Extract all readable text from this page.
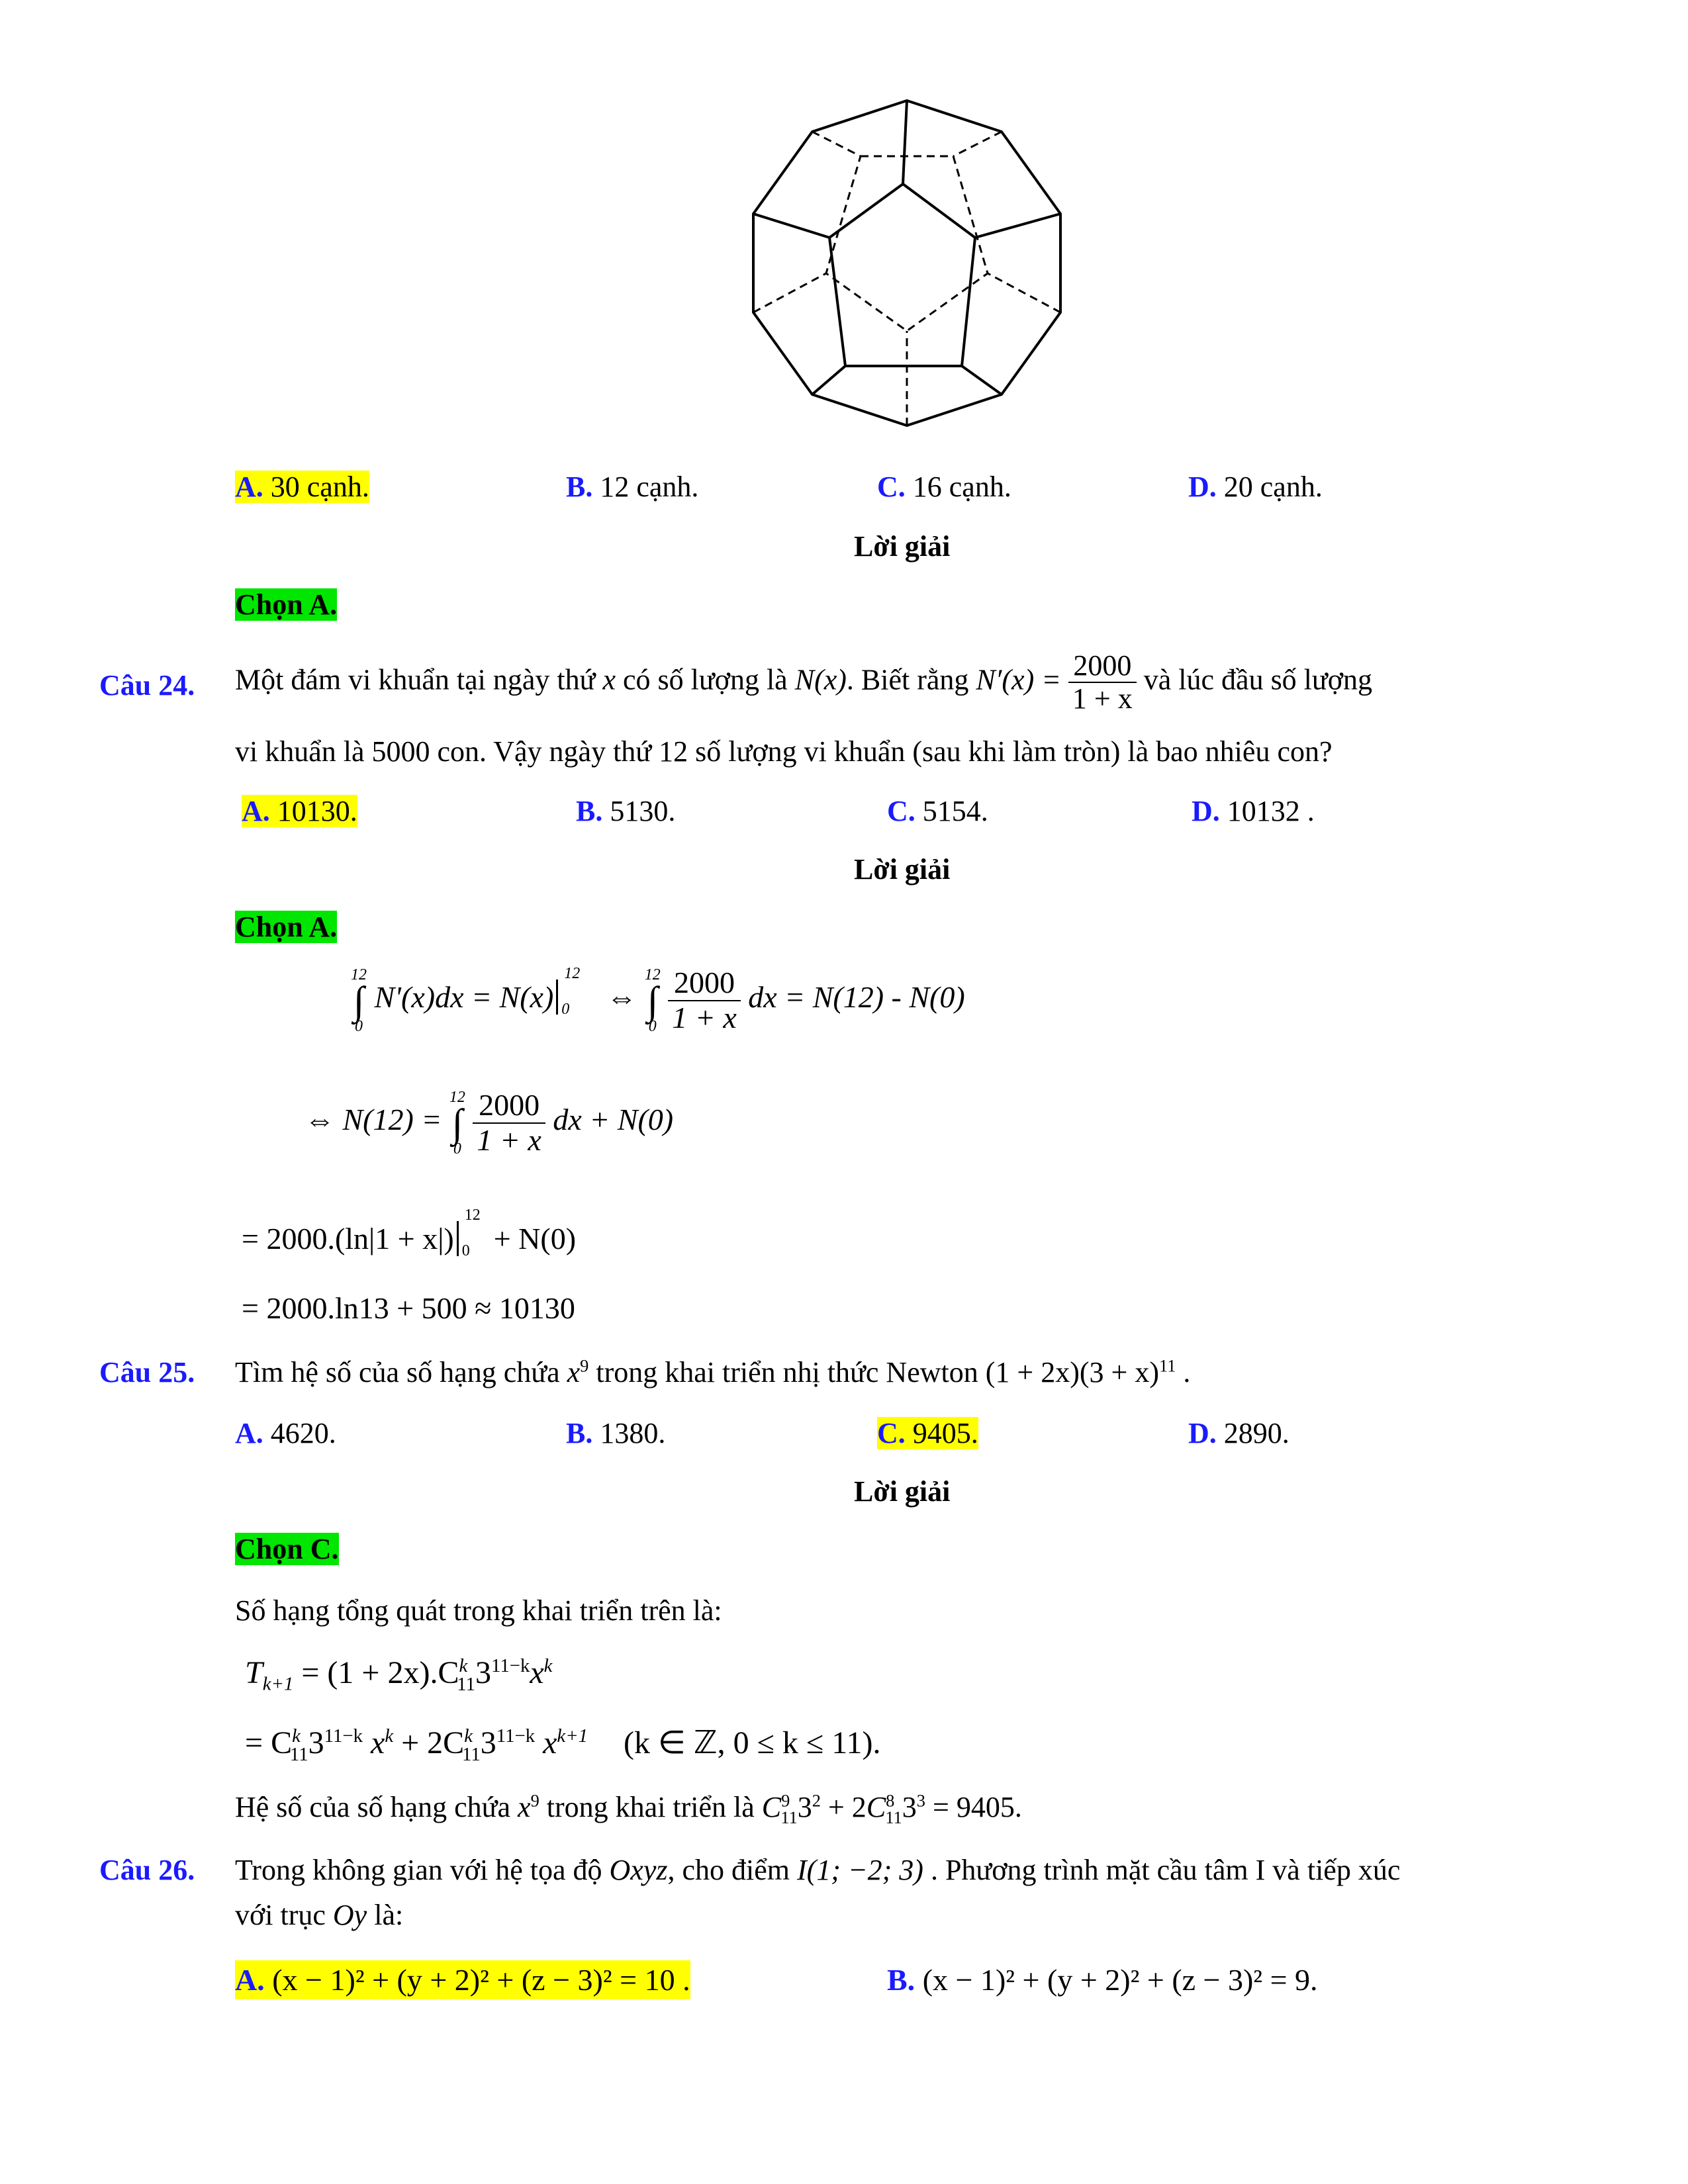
A. 30 cạnh.	B. 12 cạnh.	C. 16 cạnh.	D. 20 cạnh.
Lời giải
Chọn A.
Câu 24. Một đám vi khuẩn tại ngày thứ x có số lượng là N(x). Biết rằng $N'(x) = \frac{2000}{1 + x}$ và lúc đầu số lượng
vi khuẩn là 5000 con. Vậy ngày thứ 12 số lượng vi khuẩn (sau khi làm tròn) là bao nhiêu con?
A. 10130.	B. 5130.	C. 5154.	D. 10132 .
Lời giải
Chọn A.
12
∫
0
N'(x)dx = N(x)
12
0 ⇔
12
∫
0
$\frac{2000}{1 + x}$ dx = N(12) - N(0)
⇔ N(12) =
12
∫
0
$\frac{2000}{1 + x}$ dx + N(0)
= 2000.(ln|1 + x|)
12
0 + N(0)
= 2000.ln13 + 500 ≈ 10130
Câu 25. Tìm hệ số của số hạng chứa $x^9$ trong khai triển nhị thức Newton $(1 + 2x)(3 + x)^{11}$ .
A. 4620.	B. 1380.	C. 9405.	D. 2890.
Lời giải
Chọn C.
Số hạng tổng quát trong khai triển trên là:
$T_{k+1} = (1 + 2x).C^k_{11}3^{11-k}x^k$
= $C^k_{11}3^{11-k}$ $x^k + 2C^k_{11}3^{11-k}$ $x^{k+1}$ (k ∈ ℤ, 0 ≤ k ≤ 11).
Hệ số của số hạng chứa $x^9$ trong khai triển là $C^9_{11}3^2 + 2C^8_{11}3^3 = 9405$.
Câu 26. Trong không gian với hệ tọa độ Oxyz, cho điểm I(1; −2; 3) . Phương trình mặt cầu tâm I và tiếp xúc
với trục Oy là:
A. (x − 1)² + (y + 2)² + (z − 3)² = 10 .	B. (x − 1)² + (y + 2)² + (z − 3)² = 9.
